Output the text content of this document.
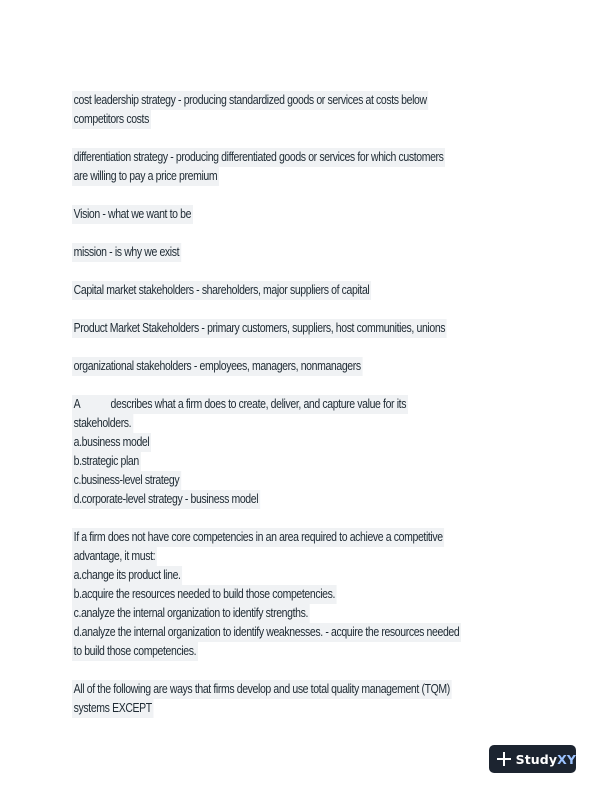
cost leadership strategy - producing standardized goods or services at costs below
competitors costs
differentiation strategy - producing differentiated goods or services for which customers
are willing to pay a price premium
Vision - what we want to be
mission - is why we exist
Capital market stakeholders - shareholders, major suppliers of capital
Product Market Stakeholders - primary customers, suppliers, host communities, unions
organizational stakeholders - employees, managers, nonmanagers
A describes what a firm does to create, deliver, and capture value for its
stakeholders.
a.business model
b.strategic plan
c.business-level strategy
d.corporate-level strategy - business model
If a firm does not have core competencies in an area required to achieve a competitive
advantage, it must:
a.change its product line.
b.acquire the resources needed to build those competencies.
c.analyze the internal organization to identify strengths.
d.analyze the internal organization to identify weaknesses. - acquire the resources needed
to build those competencies.
All of the following are ways that firms develop and use total quality management (TQM)
systems EXCEPT
StudyXY
